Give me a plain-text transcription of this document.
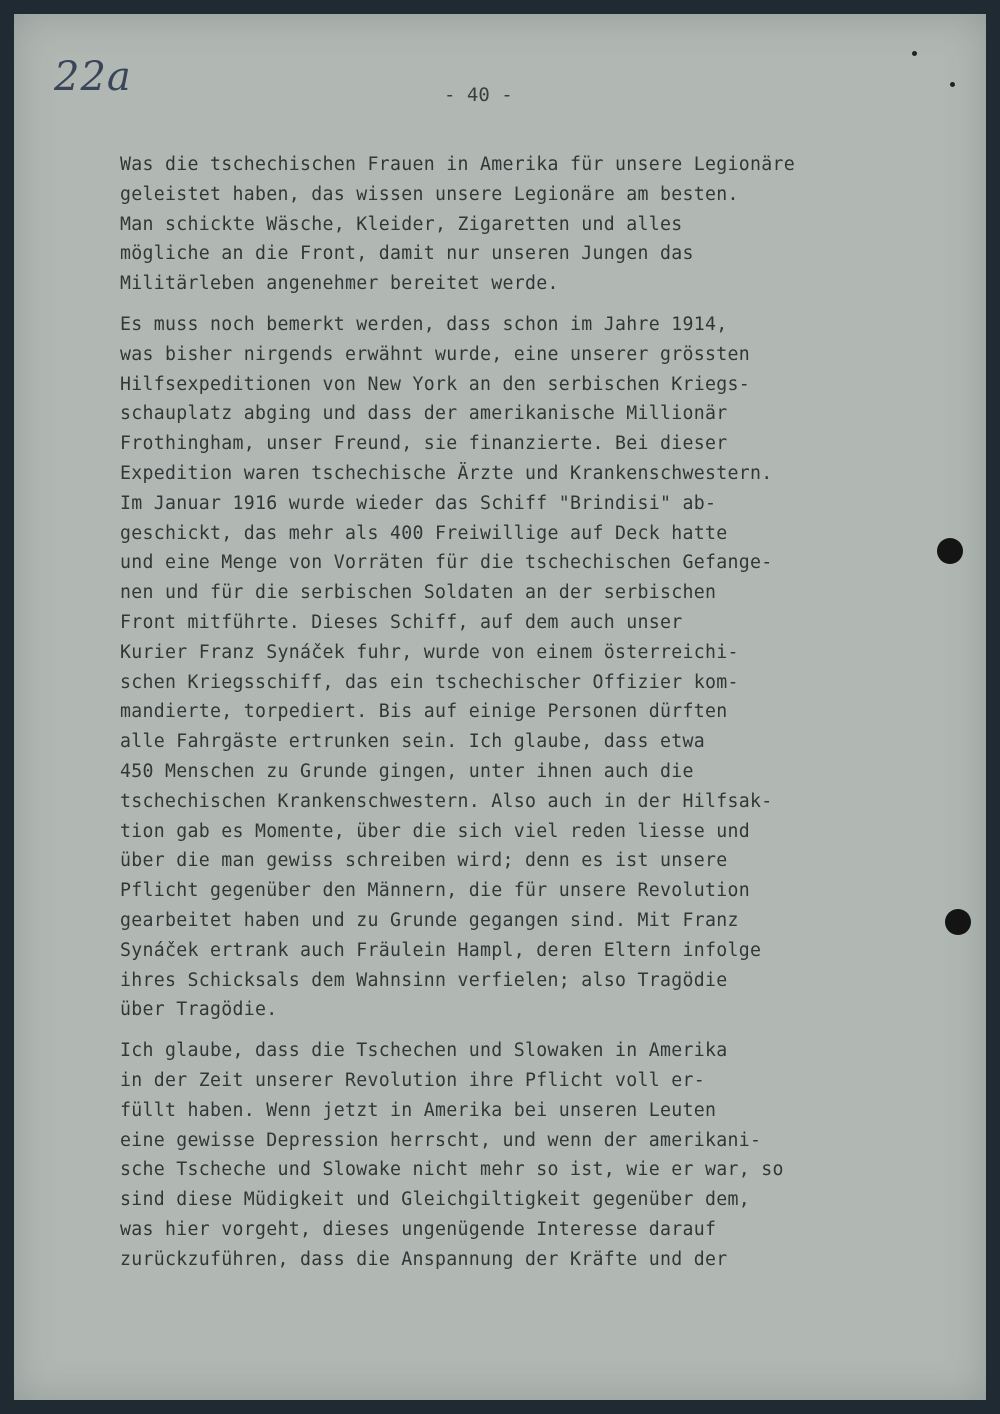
22a	- 40 -
Was die tschechischen Frauen in Amerika für unsere Legionäre
geleistet haben, das wissen unsere Legionäre am besten.
Man schickte Wäsche, Kleider, Zigaretten und alles
mögliche an die Front, damit nur unseren Jungen das
Militärleben angenehmer bereitet werde.
Es muss noch bemerkt werden, dass schon im Jahre 1914,
was bisher nirgends erwähnt wurde, eine unserer grössten
Hilfsexpeditionen von New York an den serbischen Kriegs-
schauplatz abging und dass der amerikanische Millionär
Frothingham, unser Freund, sie finanzierte. Bei dieser
Expedition waren tschechische Ärzte und Krankenschwestern.
Im Januar 1916 wurde wieder das Schiff "Brindisi" ab-
geschickt, das mehr als 400 Freiwillige auf Deck hatte
und eine Menge von Vorräten für die tschechischen Gefange-
nen und für die serbischen Soldaten an der serbischen
Front mitführte. Dieses Schiff, auf dem auch unser
Kurier Franz Synáček fuhr, wurde von einem österreichi-
schen Kriegsschiff, das ein tschechischer Offizier kom-
mandierte, torpediert. Bis auf einige Personen dürften
alle Fahrgäste ertrunken sein. Ich glaube, dass etwa
450 Menschen zu Grunde gingen, unter ihnen auch die
tschechischen Krankenschwestern. Also auch in der Hilfsak-
tion gab es Momente, über die sich viel reden liesse und
über die man gewiss schreiben wird; denn es ist unsere
Pflicht gegenüber den Männern, die für unsere Revolution
gearbeitet haben und zu Grunde gegangen sind. Mit Franz
Synáček ertrank auch Fräulein Hampl, deren Eltern infolge
ihres Schicksals dem Wahnsinn verfielen; also Tragödie
über Tragödie.
Ich glaube, dass die Tschechen und Slowaken in Amerika
in der Zeit unserer Revolution ihre Pflicht voll er-
füllt haben. Wenn jetzt in Amerika bei unseren Leuten
eine gewisse Depression herrscht, und wenn der amerikani-
sche Tscheche und Slowake nicht mehr so ist, wie er war, so
sind diese Müdigkeit und Gleichgiltigkeit gegenüber dem,
was hier vorgeht, dieses ungenügende Interesse darauf
zurückzuführen, dass die Anspannung der Kräfte und der
